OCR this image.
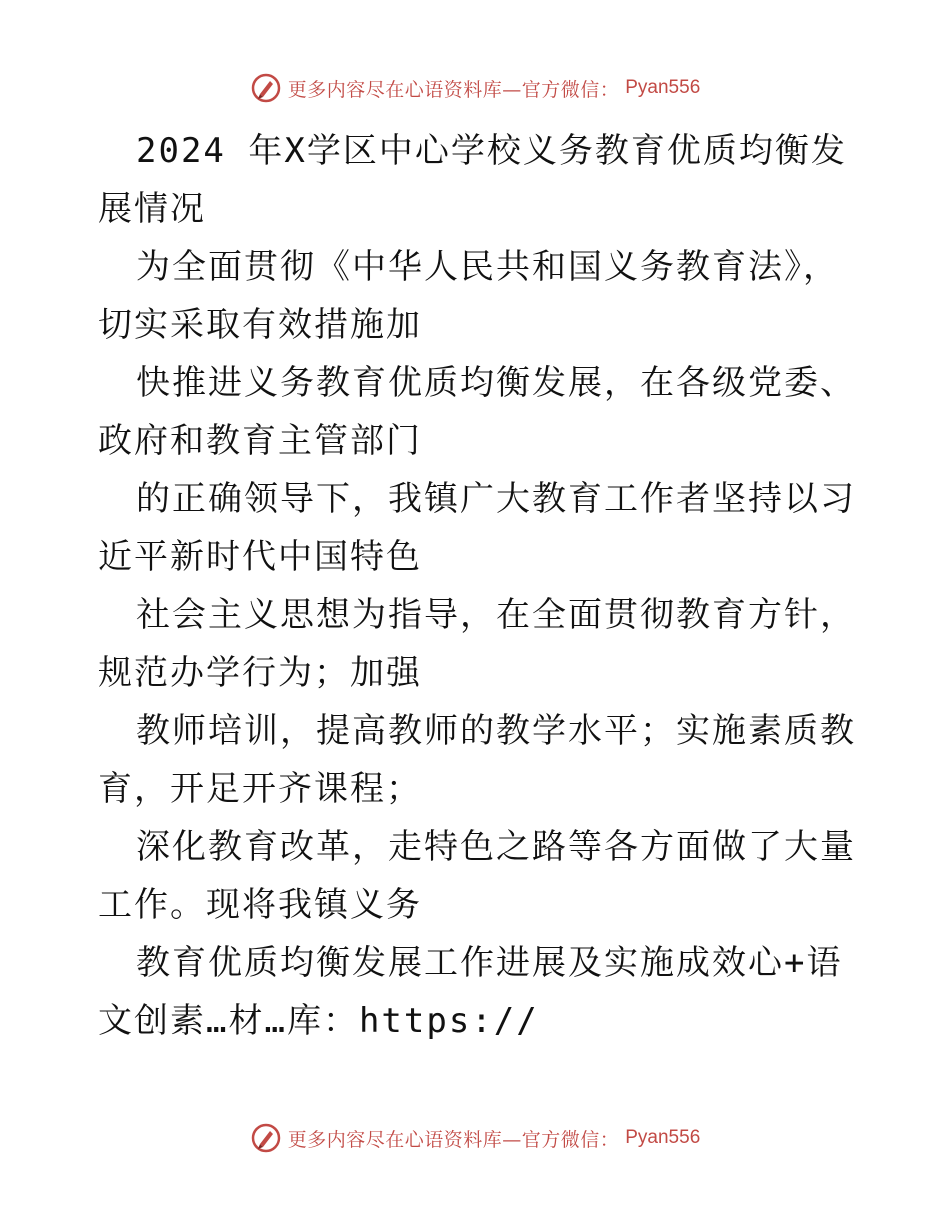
更多内容尽在心语资料库—官方微信： Pyan556

2024 年X学区中心学校义务教育优质均衡发展情况

为全面贯彻《中华人民共和国义务教育法》，切实采取有效措施加

快推进义务教育优质均衡发展，在各级党委、政府和教育主管部门

的正确领导下，我镇广大教育工作者坚持以习近平新时代中国特色

社会主义思想为指导，在全面贯彻教育方针，规范办学行为；加强

教师培训，提高教师的教学水平；实施素质教育，开足开齐课程；

深化教育改革，走特色之路等各方面做了大量工作。现将我镇义务

教育优质均衡发展工作进展及实施成效心+语文创素…材…库：https://

更多内容尽在心语资料库—官方微信： Pyan556
